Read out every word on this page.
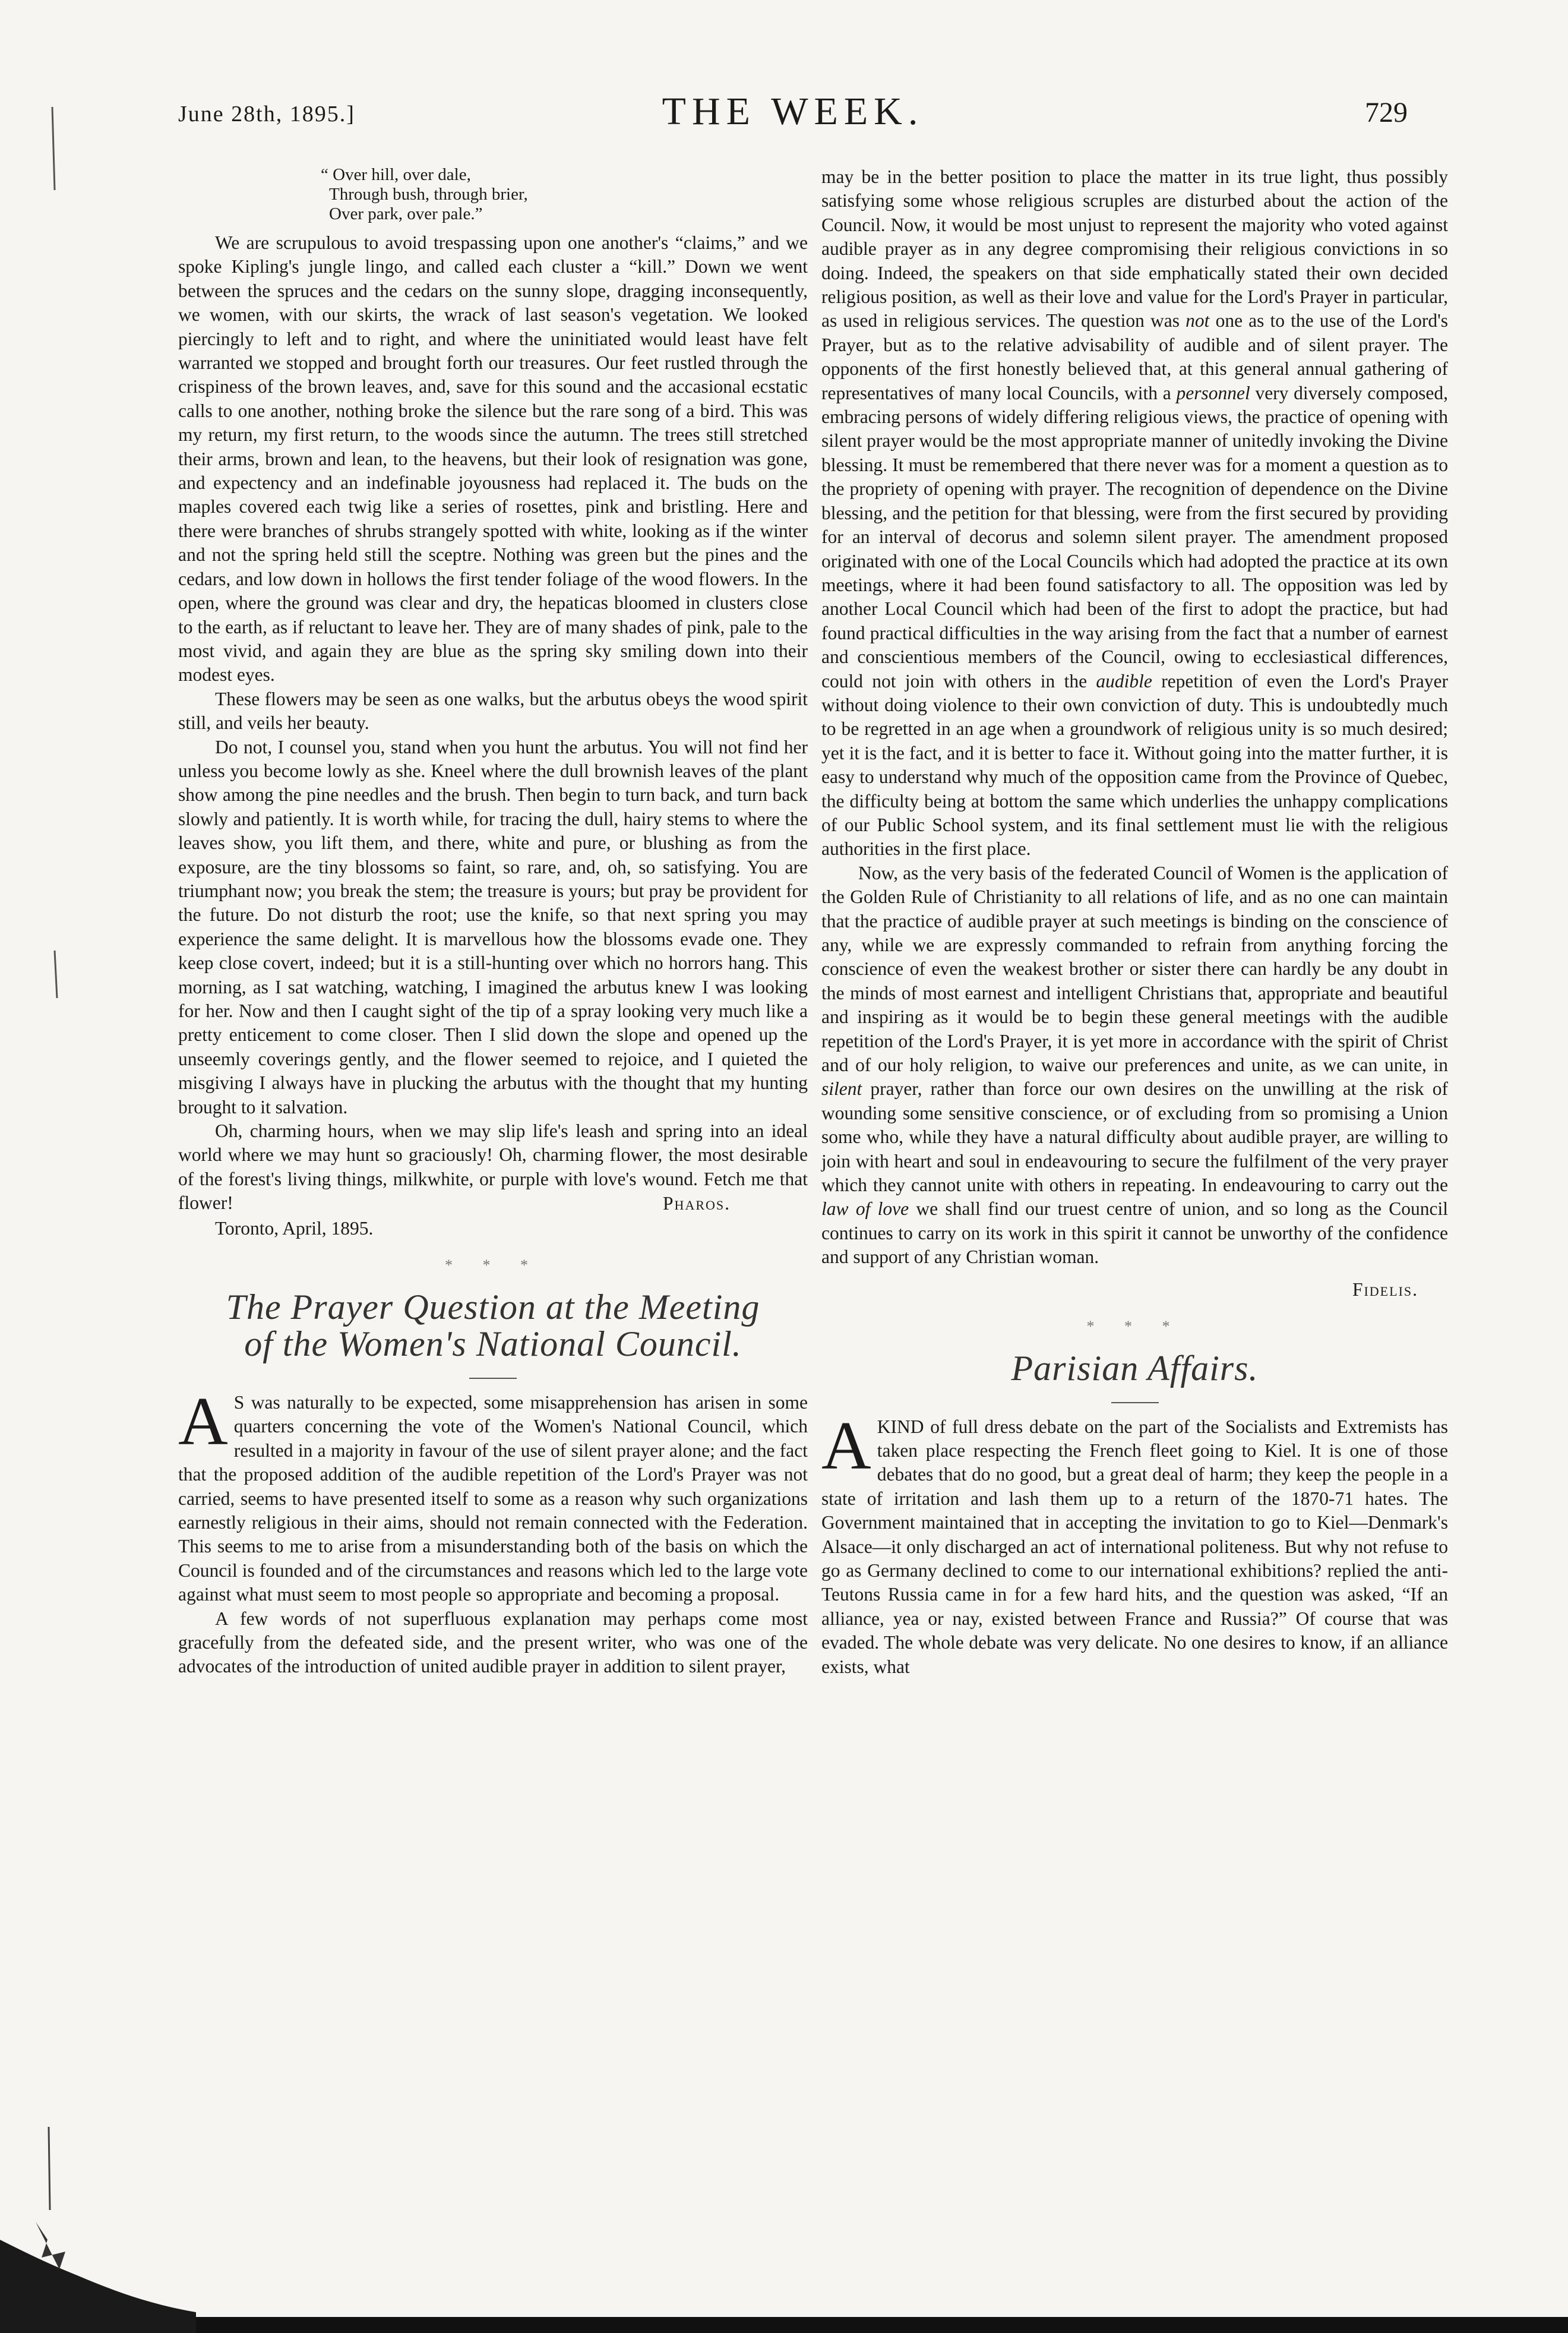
June 28th, 1895.]	THE WEEK.	729
“ Over hill, over dale,
Through bush, through brier,
Over park, over pale.”

We are scrupulous to avoid trespassing upon one another's “claims,” and we spoke Kipling's jungle lingo, and called each cluster a “kill.” Down we went between the spruces and the cedars on the sunny slope, dragging inconsequently, we women, with our skirts, the wrack of last season's vegetation. We looked piercingly to left and to right, and where the uninitiated would least have felt warranted we stopped and brought forth our treasures. Our feet rustled through the crispiness of the brown leaves, and, save for this sound and the accasional ecstatic calls to one another, nothing broke the silence but the rare song of a bird. This was my return, my first return, to the woods since the autumn. The trees still stretched their arms, brown and lean, to the heavens, but their look of resignation was gone, and expectency and an indefinable joyousness had replaced it. The buds on the maples covered each twig like a series of rosettes, pink and bristling. Here and there were branches of shrubs strangely spotted with white, looking as if the winter and not the spring held still the sceptre. Nothing was green but the pines and the cedars, and low down in hollows the first tender foliage of the wood flowers. In the open, where the ground was clear and dry, the hepaticas bloomed in clusters close to the earth, as if reluctant to leave her. They are of many shades of pink, pale to the most vivid, and again they are blue as the spring sky smiling down into their modest eyes.

These flowers may be seen as one walks, but the arbutus obeys the wood spirit still, and veils her beauty.

Do not, I counsel you, stand when you hunt the arbutus. You will not find her unless you become lowly as she. Kneel where the dull brownish leaves of the plant show among the pine needles and the brush. Then begin to turn back, and turn back slowly and patiently. It is worth while, for tracing the dull, hairy stems to where the leaves show, you lift them, and there, white and pure, or blushing as from the exposure, are the tiny blossoms so faint, so rare, and, oh, so satisfying. You are triumphant now; you break the stem; the treasure is yours; but pray be provident for the future. Do not disturb the root; use the knife, so that next spring you may experience the same delight. It is marvellous how the blossoms evade one. They keep close covert, indeed; but it is a still-hunting over which no horrors hang. This morning, as I sat watching, watching, I imagined the arbutus knew I was looking for her. Now and then I caught sight of the tip of a spray looking very much like a pretty enticement to come closer. Then I slid down the slope and opened up the unseemly coverings gently, and the flower seemed to rejoice, and I quieted the misgiving I always have in plucking the arbutus with the thought that my hunting brought to it salvation.

Oh, charming hours, when we may slip life's leash and spring into an ideal world where we may hunt so graciously! Oh, charming flower, the most desirable of the forest's living things, milkwhite, or purple with love's wound. Fetch me that flower!	Pharos.
Toronto, April, 1895.
* * *
The Prayer Question at the Meeting of the Women's National Council.

A S was naturally to be expected, some misapprehension has arisen in some quarters concerning the vote of the Women's National Council, which resulted in a majority in favour of the use of silent prayer alone; and the fact that the proposed addition of the audible repetition of the Lord's Prayer was not carried, seems to have presented itself to some as a reason why such organizations earnestly religious in their aims, should not remain connected with the Federation. This seems to me to arise from a misunderstanding both of the basis on which the Council is founded and of the circumstances and reasons which led to the large vote against what must seem to most people so appropriate and becoming a proposal.

A few words of not superfluous explanation may perhaps come most gracefully from the defeated side, and the present writer, who was one of the advocates of the introduction of united audible prayer in addition to silent prayer,

may be in the better position to place the matter in its true light, thus possibly satisfying some whose religious scruples are disturbed about the action of the Council. Now, it would be most unjust to represent the majority who voted against audible prayer as in any degree compromising their religious convictions in so doing. Indeed, the speakers on that side emphatically stated their own decided religious position, as well as their love and value for the Lord's Prayer in particular, as used in religious services. The question was not one as to the use of the Lord's Prayer, but as to the relative advisability of audible and of silent prayer. The opponents of the first honestly believed that, at this general annual gathering of representatives of many local Councils, with a personnel very diversely composed, embracing persons of widely differing religious views, the practice of opening with silent prayer would be the most appropriate manner of unitedly invoking the Divine blessing. It must be remembered that there never was for a moment a question as to the propriety of opening with prayer. The recognition of dependence on the Divine blessing, and the petition for that blessing, were from the first secured by providing for an interval of decorus and solemn silent prayer. The amendment proposed originated with one of the Local Councils which had adopted the practice at its own meetings, where it had been found satisfactory to all. The opposition was led by another Local Council which had been of the first to adopt the practice, but had found practical difficulties in the way arising from the fact that a number of earnest and conscientious members of the Council, owing to ecclesiastical differences, could not join with others in the audible repetition of even the Lord's Prayer without doing violence to their own conviction of duty. This is undoubtedly much to be regretted in an age when a groundwork of religious unity is so much desired; yet it is the fact, and it is better to face it. Without going into the matter further, it is easy to understand why much of the opposition came from the Province of Quebec, the difficulty being at bottom the same which underlies the unhappy complications of our Public School system, and its final settlement must lie with the religious authorities in the first place.

Now, as the very basis of the federated Council of Women is the application of the Golden Rule of Christianity to all relations of life, and as no one can maintain that the practice of audible prayer at such meetings is binding on the conscience of any, while we are expressly commanded to refrain from anything forcing the conscience of even the weakest brother or sister there can hardly be any doubt in the minds of most earnest and intelligent Christians that, appropriate and beautiful and inspiring as it would be to begin these general meetings with the audible repetition of the Lord's Prayer, it is yet more in accordance with the spirit of Christ and of our holy religion, to waive our preferences and unite, as we can unite, in silent prayer, rather than force our own desires on the unwilling at the risk of wounding some sensitive conscience, or of excluding from so promising a Union some who, while they have a natural difficulty about audible prayer, are willing to join with heart and soul in endeavouring to secure the fulfilment of the very prayer which they cannot unite with others in repeating. In endeavouring to carry out the law of love we shall find our truest centre of union, and so long as the Council continues to carry on its work in this spirit it cannot be unworthy of the confidence and support of any Christian woman.

Fidelis.
* * *
Parisian Affairs.

AKIND of full dress debate on the part of the Socialists and Extremists has taken place respecting the French fleet going to Kiel. It is one of those debates that do no good, but a great deal of harm; they keep the people in a state of irritation and lash them up to a return of the 1870-71 hates. The Government maintained that in accepting the invitation to go to Kiel—Denmark's Alsace—it only discharged an act of international politeness. But why not refuse to go as Germany declined to come to our international exhibitions? replied the anti-Teutons Russia came in for a few hard hits, and the question was asked, “If an alliance, yea or nay, existed between France and Russia?” Of course that was evaded. The whole debate was very delicate. No one desires to know, if an alliance exists, what
